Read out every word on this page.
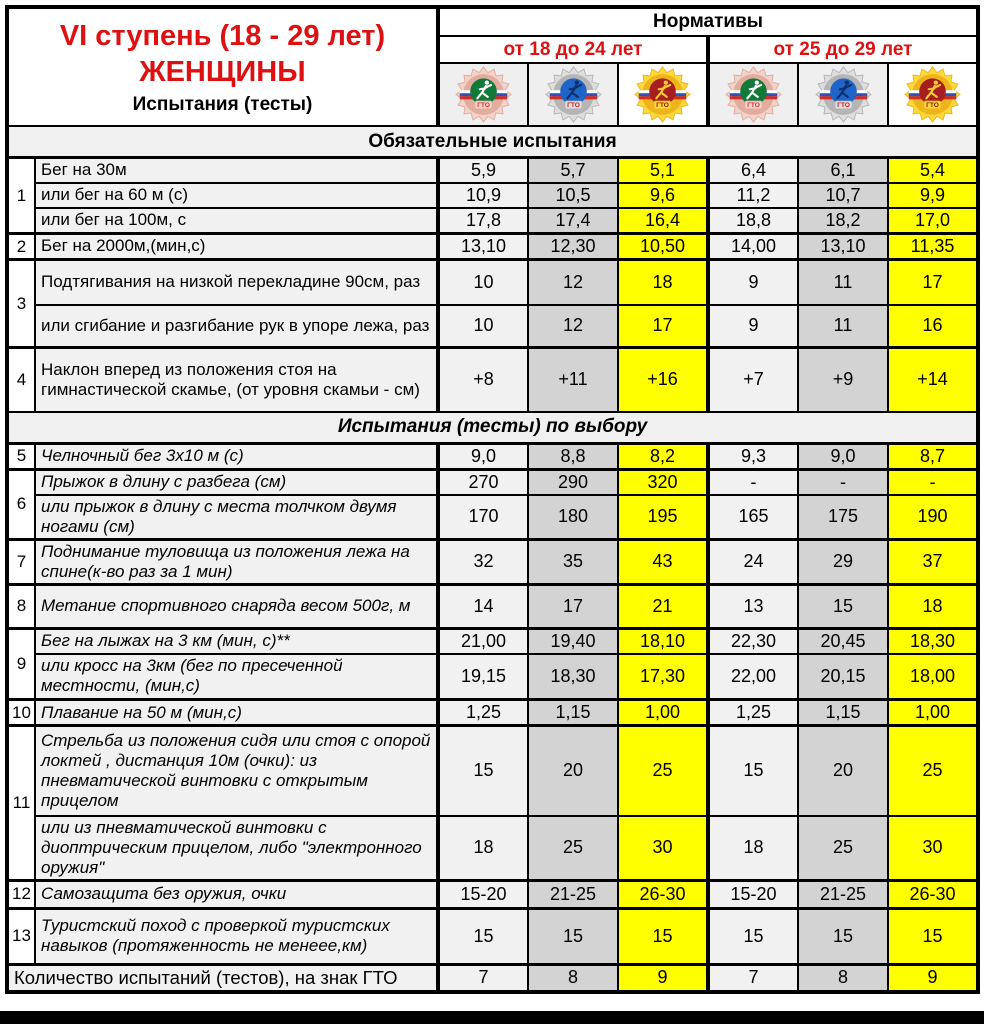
VI ступень (18 - 29 лет)
ЖЕНЩИНЫ
Испытания (тесты)		Нормативы					
		от 18 до 24 лет			от 25 до 29 лет		

ГТО	ГТО	ГТО	ГТО	ГТО	ГТО

Обязательные испытания							
1	Бег на 30м	5,9	5,7	5,1	6,4	6,1	5,4
	или бег на 60 м (с)	10,9	10,5	9,6	11,2	10,7	9,9
	или бег на 100м, с	17,8	17,4	16,4	18,8	18,2	17,0
2	Бег на 2000м,(мин,с)	13,10	12,30	10,50	14,00	13,10	11,35
3	Подтягивания на низкой перекладине 90см, раз	10	12	18	9	11	17
	или сгибание и разгибание рук в упоре лежа, раз	10	12	17	9	11	16
4	Наклон вперед из положения стоя на гимнастической скамье, (от уровня скамьи - см)	+8	+11	+16	+7	+9	+14
Испытания (тесты) по выбору							
5	Челночный бег 3х10 м (с)	9,0	8,8	8,2	9,3	9,0	8,7
6	Прыжок в длину с разбега (см)	270	290	320	-	-	-
	или прыжок в длину с места толчком двумя ногами (см)	170	180	195	165	175	190
7	Поднимание туловища из положения лежа на спине(к-во раз за 1 мин)	32	35	43	24	29	37
8	Метание спортивного снаряда весом 500г, м	14	17	21	13	15	18
9	Бег на лыжах на 3 км (мин, с)**	21,00	19,40	18,10	22,30	20,45	18,30
	или кросс на 3км (бег по пресеченной местности, (мин,с)	19,15	18,30	17,30	22,00	20,15	18,00
10	Плавание на 50 м (мин,с)	1,25	1,15	1,00	1,25	1,15	1,00
11	Стрельба из положения сидя или стоя с опорой локтей , дистанция 10м (очки): из пневматической винтовки с открытым прицелом	15	20	25	15	20	25
	или из пневматической винтовки с диоптрическим прицелом, либо "электронного оружия"	18	25	30	18	25	30
12	Самозащита без оружия, очки	15-20	21-25	26-30	15-20	21-25	26-30
13	Туристский поход с проверкой туристских навыков (протяженность не менеее,км)	15	15	15	15	15	15
Количество испытаний (тестов), на знак ГТО		7	8	9	7	8	9
